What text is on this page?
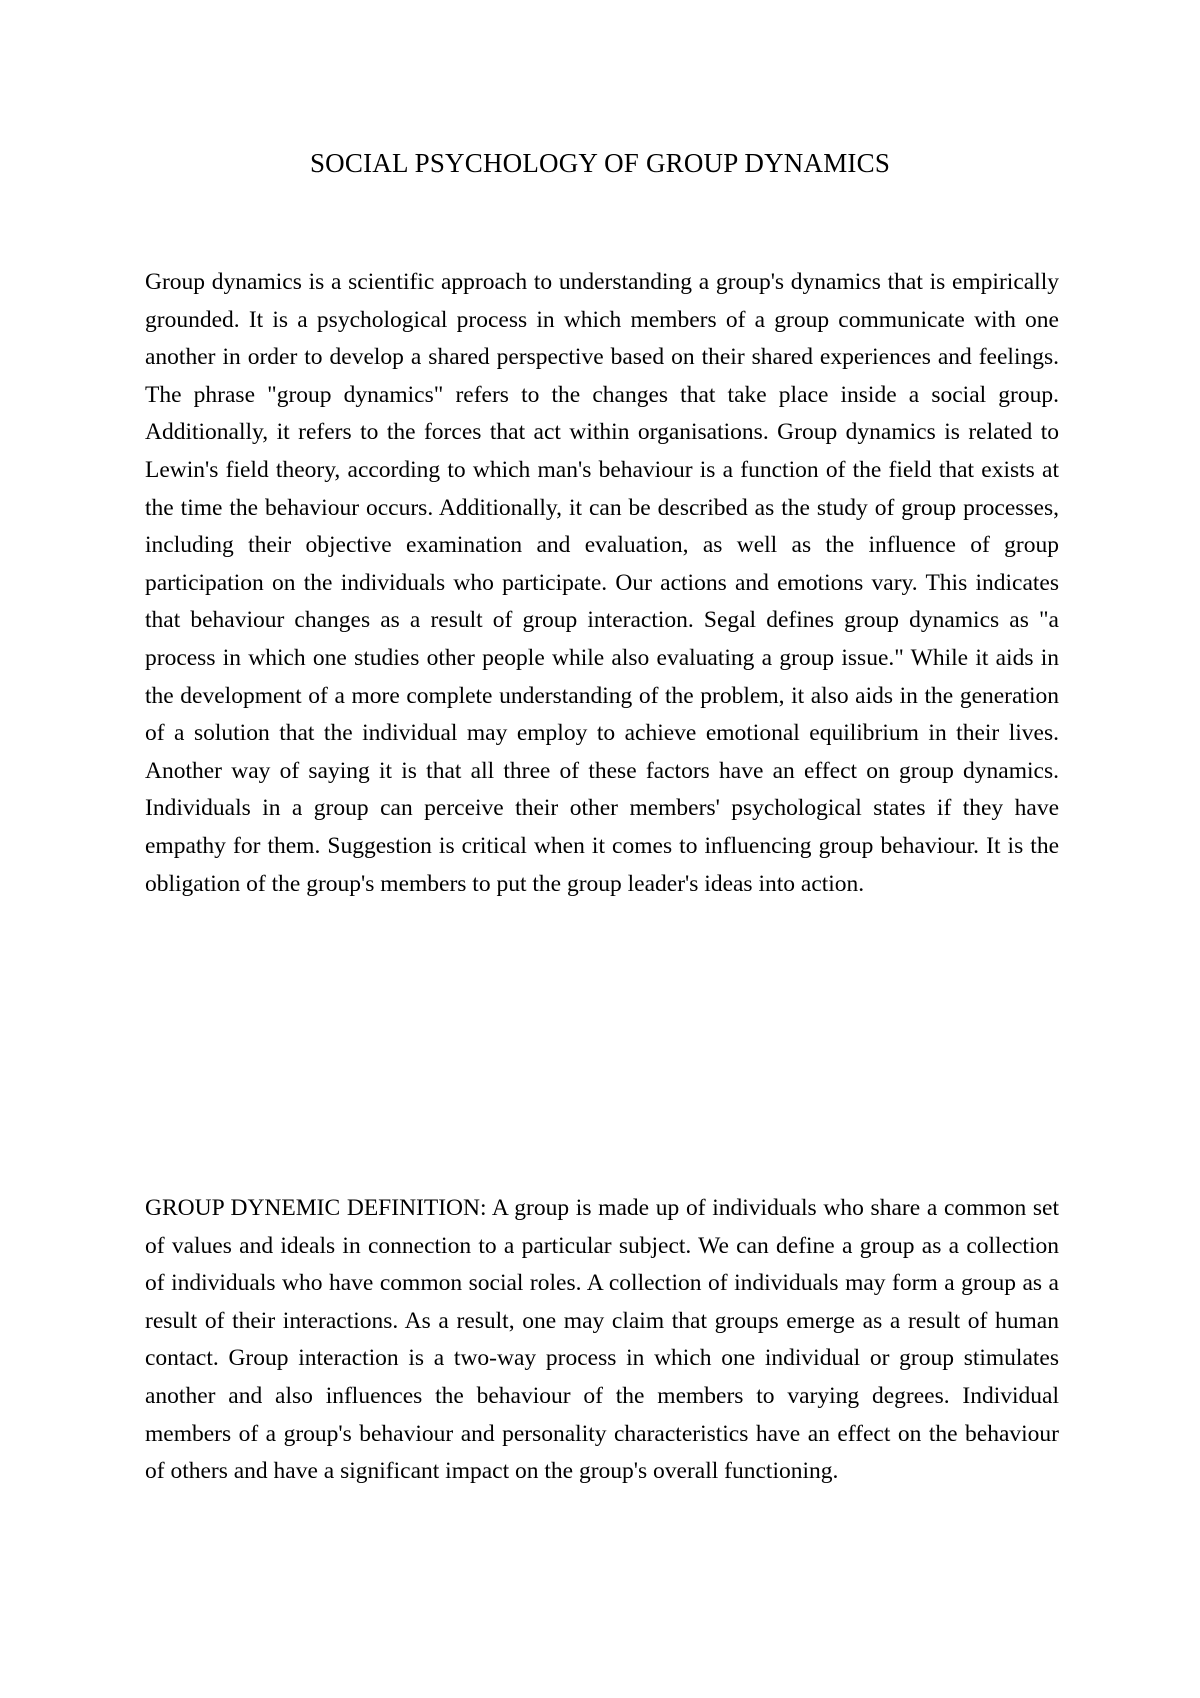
SOCIAL PSYCHOLOGY OF GROUP DYNAMICS

Group dynamics is a scientific approach to understanding a group's dynamics that is empirically grounded. It is a psychological process in which members of a group communicate with one another in order to develop a shared perspective based on their shared experiences and feelings. The phrase "group dynamics" refers to the changes that take place inside a social group. Additionally, it refers to the forces that act within organisations. Group dynamics is related to Lewin's field theory, according to which man's behaviour is a function of the field that exists at the time the behaviour occurs. Additionally, it can be described as the study of group processes, including their objective examination and evaluation, as well as the influence of group participation on the individuals who participate. Our actions and emotions vary. This indicates that behaviour changes as a result of group interaction. Segal defines group dynamics as "a process in which one studies other people while also evaluating a group issue." While it aids in the development of a more complete understanding of the problem, it also aids in the generation of a solution that the individual may employ to achieve emotional equilibrium in their lives. Another way of saying it is that all three of these factors have an effect on group dynamics. Individuals in a group can perceive their other members' psychological states if they have empathy for them. Suggestion is critical when it comes to influencing group behaviour. It is the obligation of the group's members to put the group leader's ideas into action.

GROUP DYNEMIC DEFINITION: A group is made up of individuals who share a common set of values and ideals in connection to a particular subject. We can define a group as a collection of individuals who have common social roles. A collection of individuals may form a group as a result of their interactions. As a result, one may claim that groups emerge as a result of human contact. Group interaction is a two-way process in which one individual or group stimulates another and also influences the behaviour of the members to varying degrees. Individual members of a group's behaviour and personality characteristics have an effect on the behaviour of others and have a significant impact on the group's overall functioning.
